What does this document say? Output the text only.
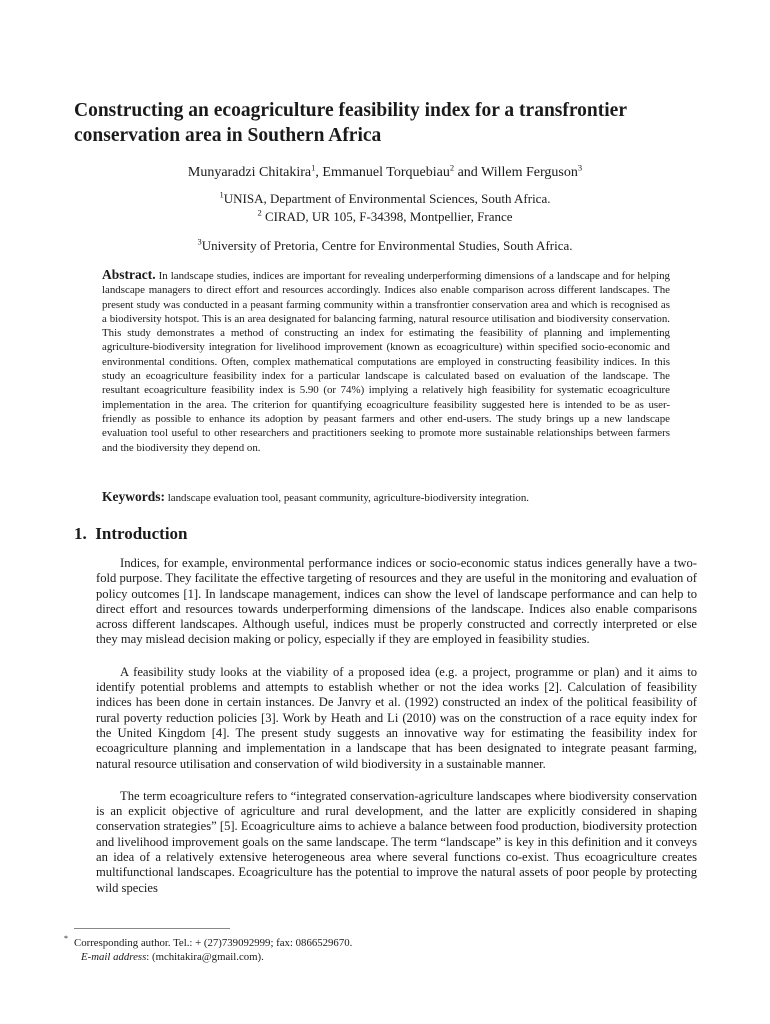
Constructing an ecoagriculture feasibility index for a transfrontier conservation area in Southern Africa
Munyaradzi Chitakira$^1$, Emmanuel Torquebiau$^2$ and Willem Ferguson$^3$
$^1$UNISA, Department of Environmental Sciences, South Africa.
$^2$ CIRAD, UR 105, F-34398, Montpellier, France
$^3$University of Pretoria, Centre for Environmental Studies, South Africa.

Abstract. In landscape studies, indices are important for revealing underperforming dimensions of a landscape and for helping landscape managers to direct effort and resources accordingly. Indices also enable comparison across different landscapes. The present study was conducted in a peasant farming community within a transfrontier conservation area and which is recognised as a biodiversity hotspot. This is an area designated for balancing farming, natural resource utilisation and biodiversity conservation. This study demonstrates a method of constructing an index for estimating the feasibility of planning and implementing agriculture-biodiversity integration for livelihood improvement (known as ecoagriculture) within specified socio-economic and environmental conditions. Often, complex mathematical computations are employed in constructing feasibility indices. In this study an ecoagriculture feasibility index for a particular landscape is calculated based on evaluation of the landscape. The resultant ecoagriculture feasibility index is 5.90 (or 74%) implying a relatively high feasibility for systematic ecoagriculture implementation in the area. The criterion for quantifying ecoagriculture feasibility suggested here is intended to be as user-friendly as possible to enhance its adoption by peasant farmers and other end-users. The study brings up a new landscape evaluation tool useful to other researchers and practitioners seeking to promote more sustainable relationships between farmers and the biodiversity they depend on.

Keywords: landscape evaluation tool, peasant community, agriculture-biodiversity integration.

1. Introduction

Indices, for example, environmental performance indices or socio-economic status indices generally have a two-fold purpose. They facilitate the effective targeting of resources and they are useful in the monitoring and evaluation of policy outcomes [1]. In landscape management, indices can show the level of landscape performance and can help to direct effort and resources towards underperforming dimensions of the landscape. Indices also enable comparisons across different landscapes. Although useful, indices must be properly constructed and correctly interpreted or else they may mislead decision making or policy, especially if they are employed in feasibility studies.

A feasibility study looks at the viability of a proposed idea (e.g. a project, programme or plan) and it aims to identify potential problems and attempts to establish whether or not the idea works [2]. Calculation of feasibility indices has been done in certain instances. De Janvry et al. (1992) constructed an index of the political feasibility of rural poverty reduction policies [3]. Work by Heath and Li (2010) was on the construction of a race equity index for the United Kingdom [4]. The present study suggests an innovative way for estimating the feasibility index for ecoagriculture planning and implementation in a landscape that has been designated to integrate peasant farming, natural resource utilisation and conservation of wild biodiversity in a sustainable manner.

The term ecoagriculture refers to “integrated conservation-agriculture landscapes where biodiversity conservation is an explicit objective of agriculture and rural development, and the latter are explicitly considered in shaping conservation strategies” [5]. Ecoagriculture aims to achieve a balance between food production, biodiversity protection and livelihood improvement goals on the same landscape. The term “landscape” is key in this definition and it conveys an idea of a relatively extensive heterogeneous area where several functions co-exist. Thus ecoagriculture creates multifunctional landscapes. Ecoagriculture has the potential to improve the natural assets of poor people by protecting wild species

* Corresponding author. Tel.: + (27)739092999; fax: 0866529670.
E-mail address: (mchitakira@gmail.com).
